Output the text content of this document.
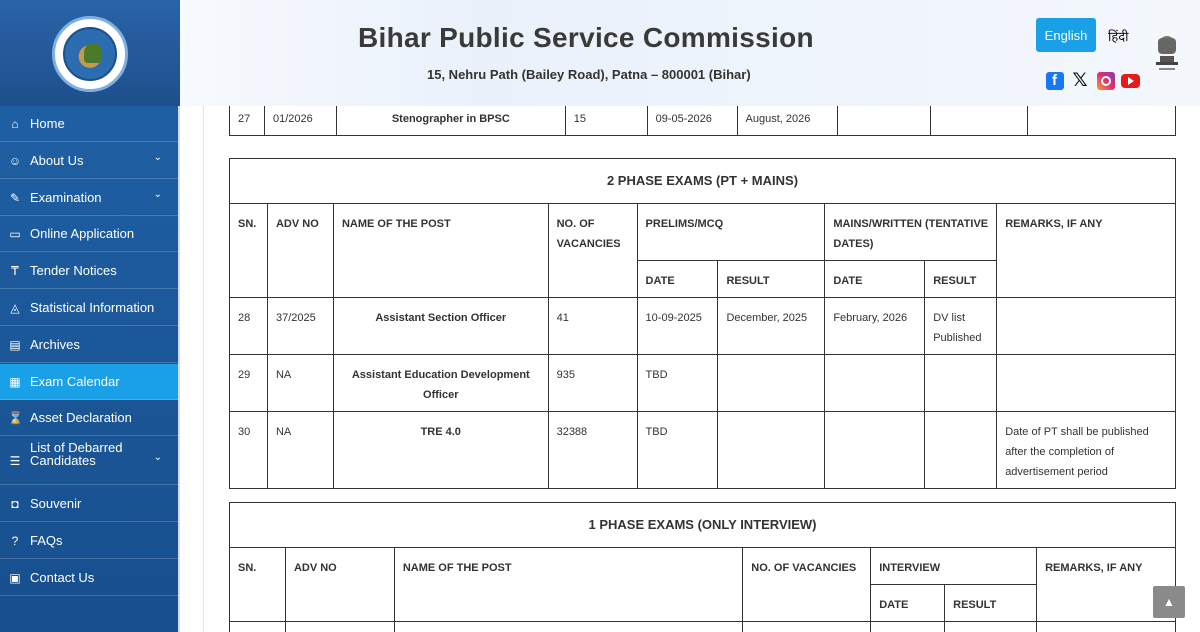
Bihar Public Service Commission
15, Nehru Path (Bailey Road), Patna – 800001 (Bihar)
English	हिंदी
f
𝕏
⌂ Home
☺ About Us	⌄
✎ Examination	⌄
▭ Online Application
₸ Tender Notices
◬ Statistical Information
▤ Archives
▦ Exam Calendar
⌛ Asset Declaration
☰
List of Debarred Candidates	⌄
◘ Souvenir
? FAQs
▣ Contact Us
27	01/2026	Stenographer in BPSC	15	09-05-2026	August, 2026			
2 PHASE EXAMS (PT + MAINS)								
SN.	ADV NO	NAME OF THE POST	NO. OF VACANCIES	PRELIMS/MCQ		MAINS/WRITTEN (TENTATIVE DATES)		REMARKS, IF ANY
				DATE	RESULT	DATE	RESULT	
28	37/2025	Assistant Section Officer	41	10-09-2025	December, 2025	February, 2026	DV list Published	
29	NA	Assistant Education Development Officer	935	TBD				
30	NA	TRE 4.0	32388	TBD				Date of PT shall be published after the completion of advertisement period
1 PHASE EXAMS (ONLY INTERVIEW)						
SN.	ADV NO	NAME OF THE POST	NO. OF VACANCIES	INTERVIEW		REMARKS, IF ANY
				DATE	RESULT	
							▲
